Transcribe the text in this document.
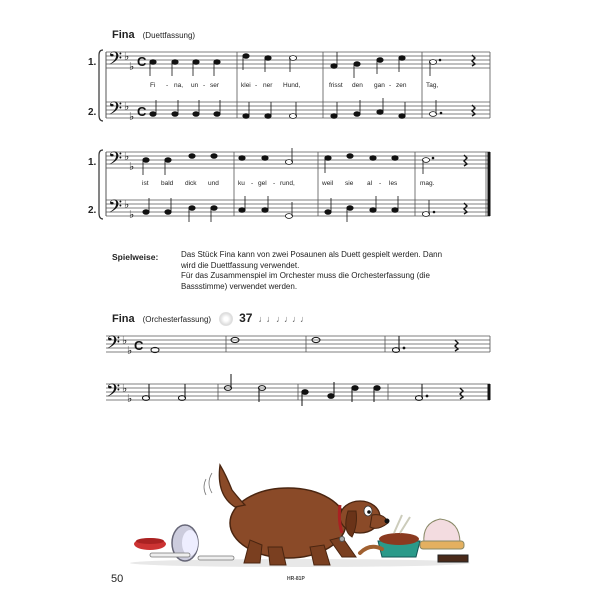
Fina (Duettfassung)
1.
2.
1.
2.
𝄢 ♭
♭ C
𝄢 ♭
♭ C
𝄢 ♭
♭
𝄢 ♭
♭
Fi - na, un - ser	klei - ner Hund,	frisst den gan - zen	Tag,
ist bald dick und	ku - gel - rund,	weil sie al - les	mag.
Spielweise:	Das Stück Fina kann von zwei Posaunen als Duett gespielt werden. Dann
wird die Duettfassung verwendet.
Für das Zusammenspiel im Orchester muss die Orchesterfassung (die
Bassstimme) verwendet werden.
Fina (Orchesterfassung) 37 ♩♩ ♩♩♩♩
𝄢 ♭
♭ C
𝄢 ♭
♭
50	HR-81P
